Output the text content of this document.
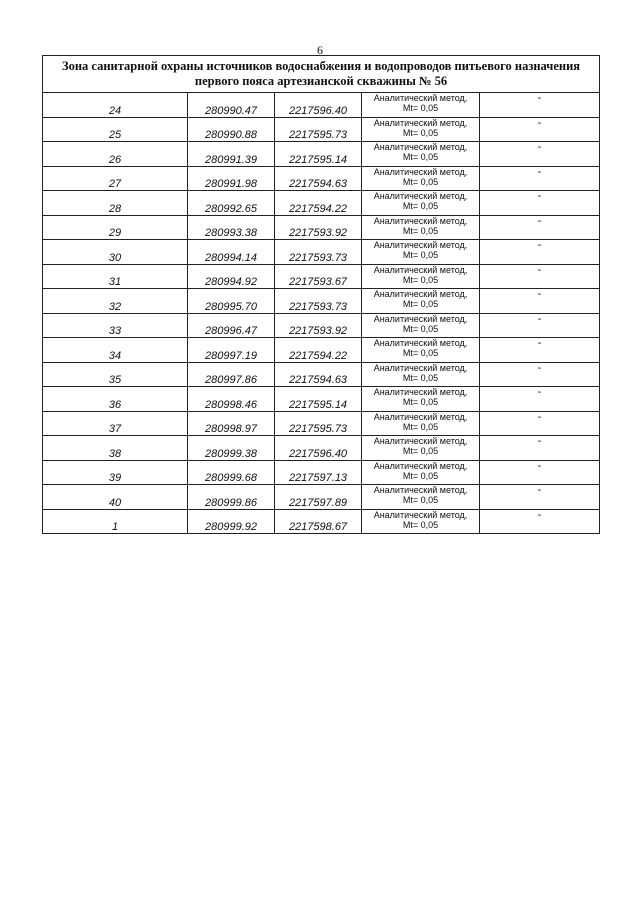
6
Зона санитарной охраны источников водоснабжения и водопроводов питьевого назначения
первого пояса артезианской скважины № 56				

24	280990.47	2217596.40	Аналитический метод,
Mt= 0,05	-
25	280990.88	2217595.73	Аналитический метод,
Mt= 0,05	-
26	280991.39	2217595.14	Аналитический метод,
Mt= 0,05	-
27	280991.98	2217594.63	Аналитический метод,
Mt= 0,05	-
28	280992.65	2217594.22	Аналитический метод,
Mt= 0,05	-
29	280993.38	2217593.92	Аналитический метод,
Mt= 0,05	-
30	280994.14	2217593.73	Аналитический метод,
Mt= 0,05	-
31	280994.92	2217593.67	Аналитический метод,
Mt= 0,05	-
32	280995.70	2217593.73	Аналитический метод,
Mt= 0,05	-
33	280996.47	2217593.92	Аналитический метод,
Mt= 0,05	-
34	280997.19	2217594.22	Аналитический метод,
Mt= 0,05	-
35	280997.86	2217594.63	Аналитический метод,
Mt= 0,05	-
36	280998.46	2217595.14	Аналитический метод,
Mt= 0,05	-
37	280998.97	2217595.73	Аналитический метод,
Mt= 0,05	-
38	280999.38	2217596.40	Аналитический метод,
Mt= 0,05	-
39	280999.68	2217597.13	Аналитический метод,
Mt= 0,05	-
40	280999.86	2217597.89	Аналитический метод,
Mt= 0,05	-
1	280999.92	2217598.67	Аналитический метод,
Mt= 0,05	-
